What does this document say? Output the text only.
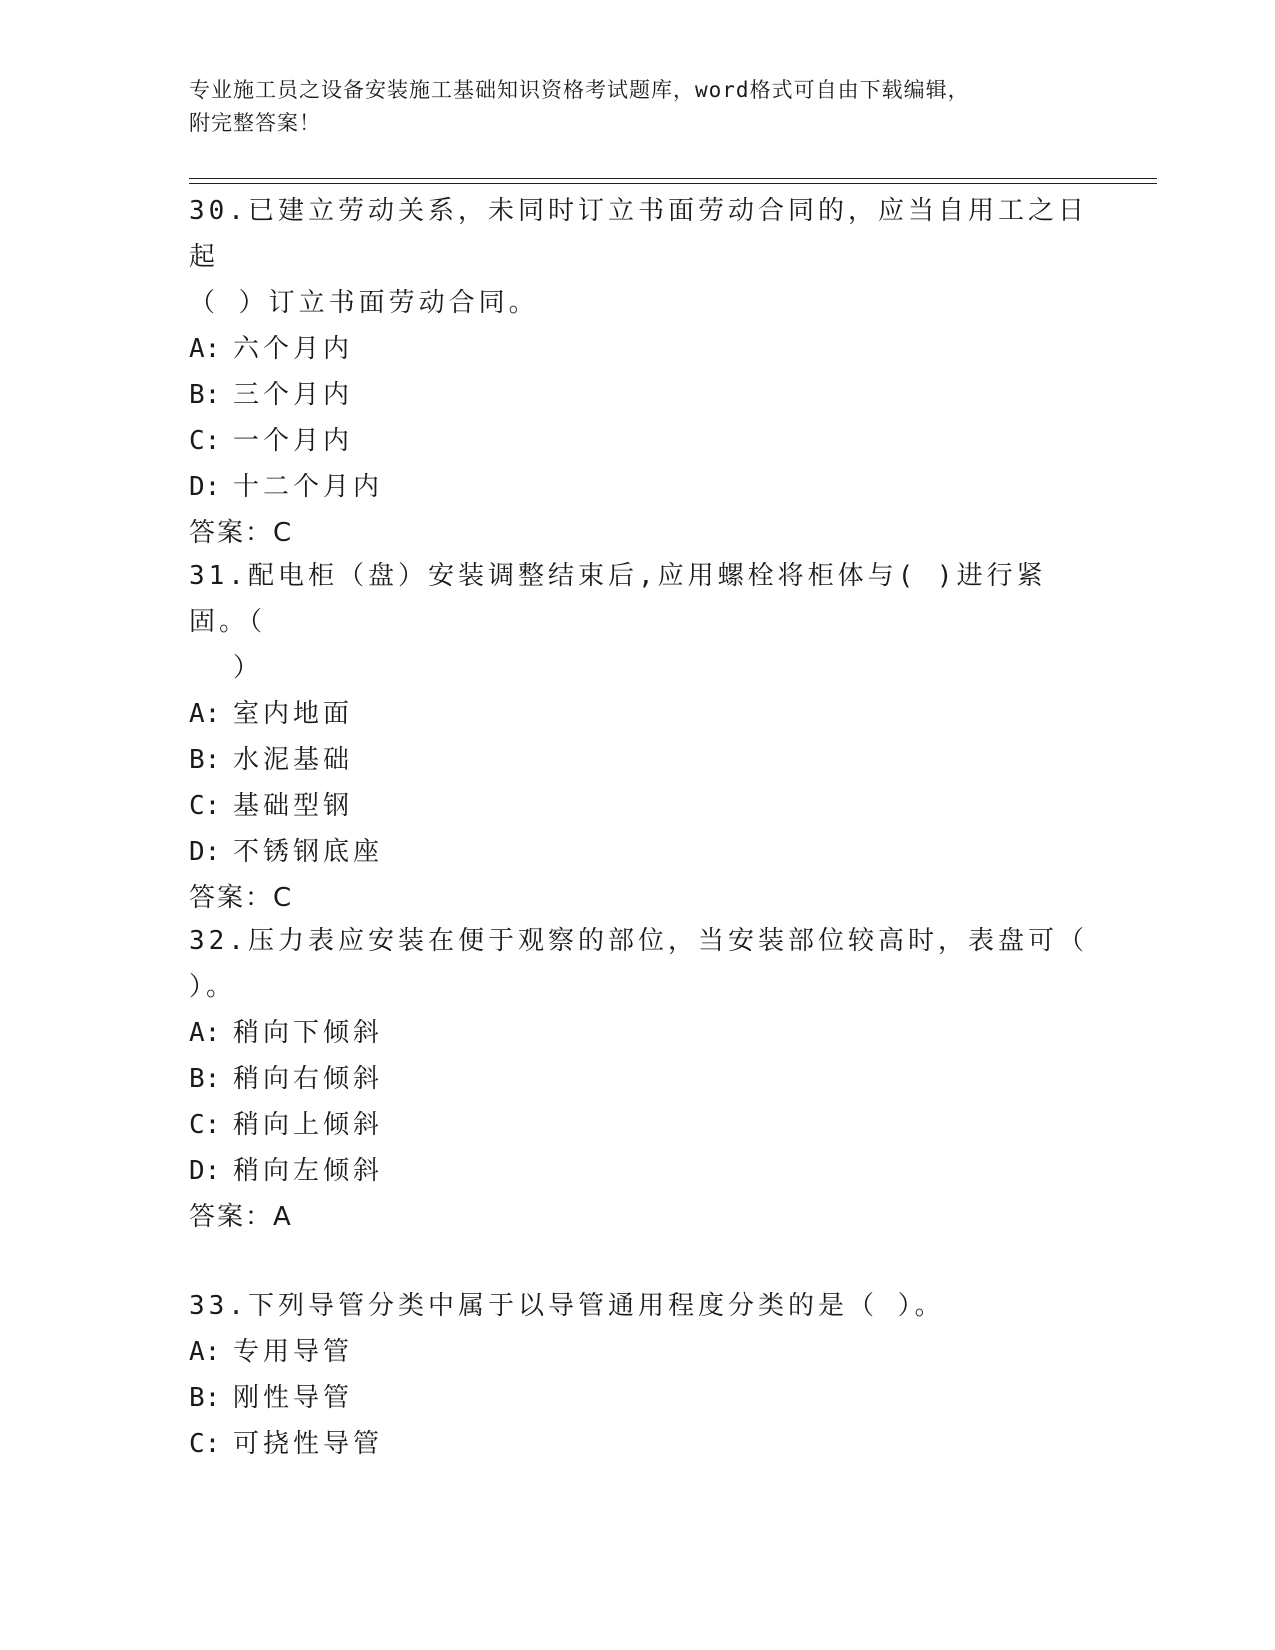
专业施工员之设备安装施工基础知识资格考试题库，word格式可自由下载编辑，
附完整答案！
30.已建立劳动关系，未同时订立书面劳动合同的，应当自用工之日起
（ ）订立书面劳动合同。
A: 六个月内
B: 三个月内
C: 一个月内
D: 十二个月内
答案：C
31.配电柜（盘）安装调整结束后,应用螺栓将柜体与( )进行紧固。（
）
A: 室内地面
B: 水泥基础
C: 基础型钢
D: 不锈钢底座
答案：C
32.压力表应安装在便于观察的部位，当安装部位较高时，表盘可（
）。
A: 稍向下倾斜
B: 稍向右倾斜
C: 稍向上倾斜
D: 稍向左倾斜
答案：A
33.下列导管分类中属于以导管通用程度分类的是（ ）。
A: 专用导管
B: 刚性导管
C: 可挠性导管
